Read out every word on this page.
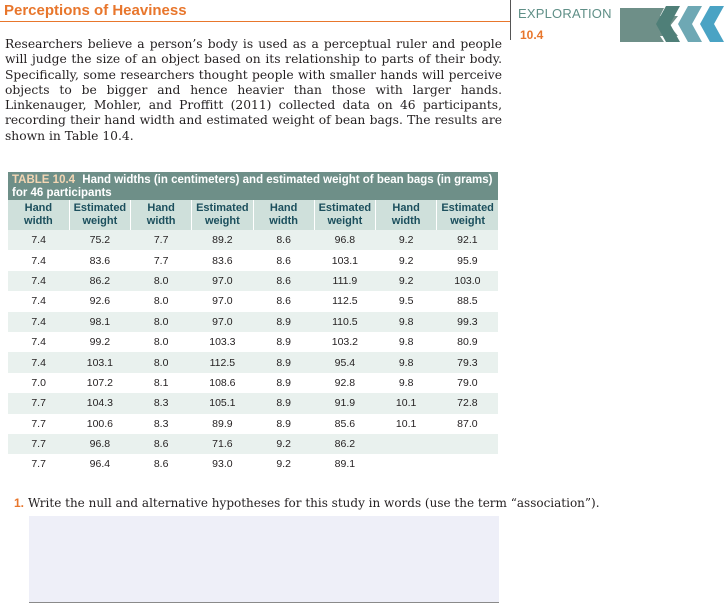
Perceptions of Heaviness	EXPLORATION
10.4

Researchers believe a person’s body is used as a perceptual ruler and people will judge the size of an object based on its relationship to parts of their body. Specifically, some researchers thought people with smaller hands will perceive objects to be bigger and hence heavier than those with larger hands. Linkenauger, Mohler, and Proffitt (2011) collected data on 46 participants, recording their hand width and estimated weight of bean bags. The results are shown in Table 10.4.

TABLE 10.4 Hand widths (in centimeters) and estimated weight of bean bags (in grams) for 46 participants
Hand
width	Estimated
weight	Hand
width	Estimated
weight	Hand
width	Estimated
weight	Hand
width	Estimated
weight
7.4	75.2	7.7	89.2	8.6	96.8	9.2	92.1
7.4	83.6	7.7	83.6	8.6	103.1	9.2	95.9
7.4	86.2	8.0	97.0	8.6	111.9	9.2	103.0
7.4	92.6	8.0	97.0	8.6	112.5	9.5	88.5
7.4	98.1	8.0	97.0	8.9	110.5	9.8	99.3
7.4	99.2	8.0	103.3	8.9	103.2	9.8	80.9
7.4	103.1	8.0	112.5	8.9	95.4	9.8	79.3
7.0	107.2	8.1	108.6	8.9	92.8	9.8	79.0
7.7	104.3	8.3	105.1	8.9	91.9	10.1	72.8
7.7	100.6	8.3	89.9	8.9	85.6	10.1	87.0
7.7	96.8	8.6	71.6	9.2	86.2		
7.7	96.4	8.6	93.0	9.2	89.1		

1. Write the null and alternative hypotheses for this study in words (use the term “association”).
